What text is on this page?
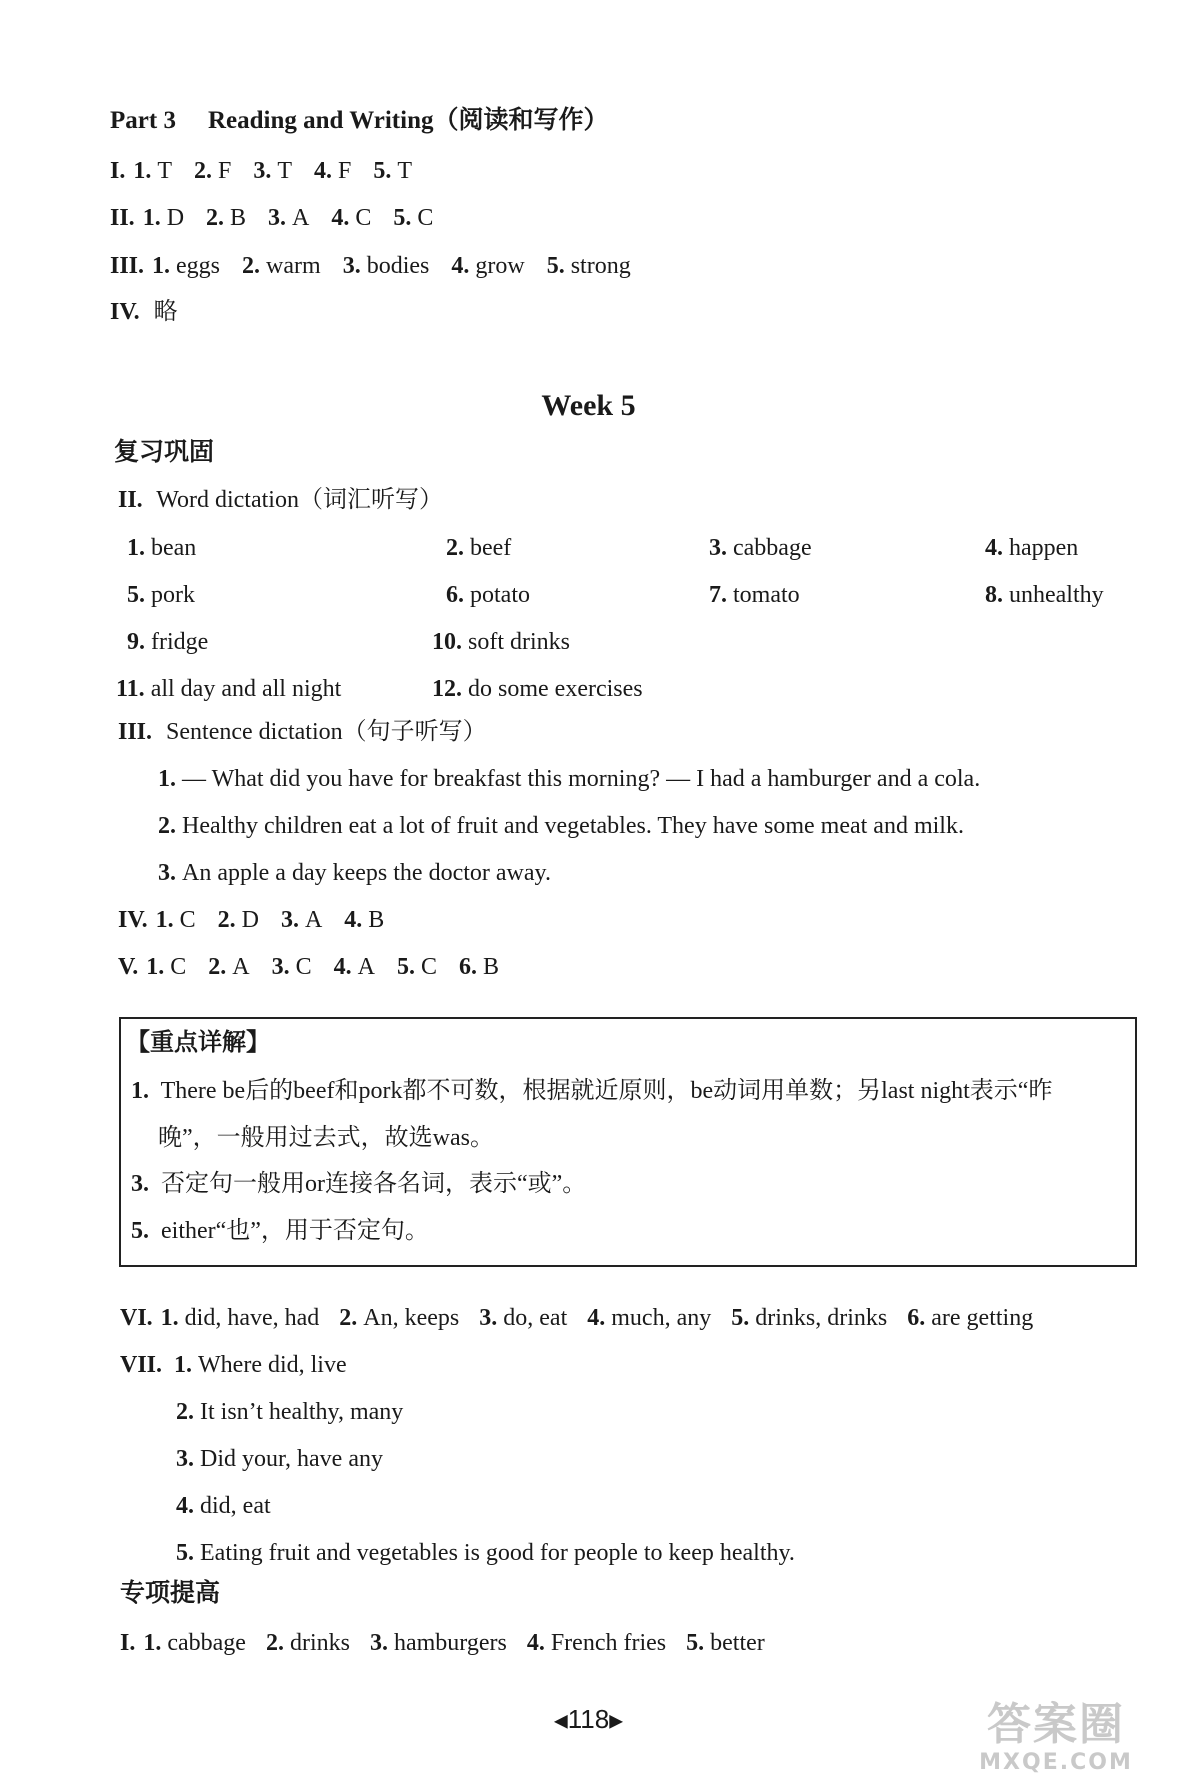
Part 3 Reading and Writing（阅读和写作）
I. 1. T 2. F 3. T 4. F 5. T
II. 1. D 2. B 3. A 4. C 5. C
III. 1. eggs 2. warm 3. bodies 4. grow 5. strong
IV. 略
Week 5
复习巩固
II. Word dictation（词汇听写）
1. bean	2. beef	3. cabbage	4. happen
5. pork	6. potato	7. tomato	8. unhealthy
9. fridge	10. soft drinks
11. all day and all night	12. do some exercises
III. Sentence dictation（句子听写）
1. — What did you have for breakfast this morning? — I had a hamburger and a cola.
2. Healthy children eat a lot of fruit and vegetables. They have some meat and milk.
3. An apple a day keeps the doctor away.
IV. 1. C 2. D 3. A 4. B
V. 1. C 2. A 3. C 4. A 5. C 6. B
【重点详解】
1. There be后的beef和pork都不可数，根据就近原则，be动词用单数；另last night表示“昨
晚”，一般用过去式，故选was。
3. 否定句一般用or连接各名词，表示“或”。
5. either“也”，用于否定句。
VI. 1. did, have, had 2. An, keeps 3. do, eat 4. much, any 5. drinks, drinks 6. are getting
VII. 1. Where did, live
2. It isn’t healthy, many
3. Did your, have any
4. did, eat
5. Eating fruit and vegetables is good for people to keep healthy.
专项提高
I. 1. cabbage 2. drinks 3. hamburgers 4. French fries 5. better
◀118▶	答案圈
MXQE.COM
